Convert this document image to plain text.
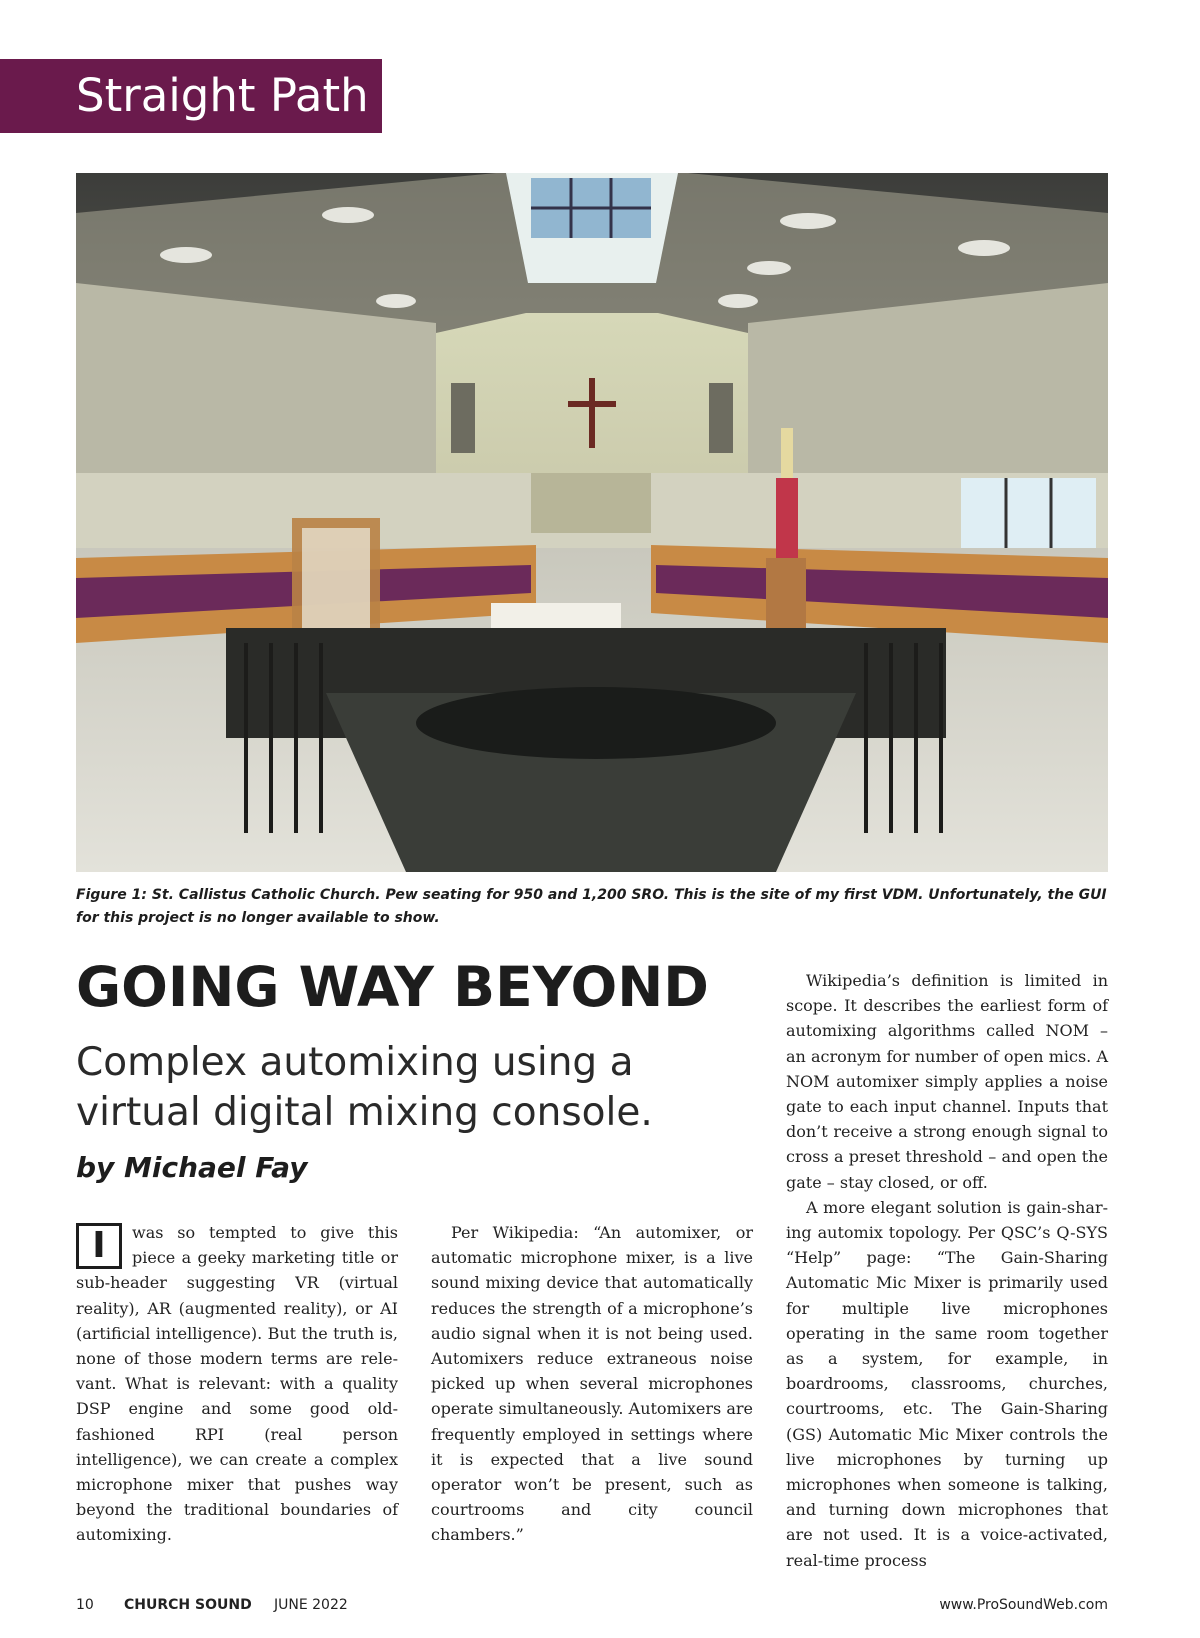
Straight Path
Figure 1: St. Callistus Catholic Church. Pew seating for 950 and 1,200 SRO. This is the site of my first VDM. Unfortunately, the GUI for this project is no longer available to show.
GOING WAY BEYOND
Complex automixing using a virtual digital mixing console.
by Michael Fay
I	was so tempted to give this piece a geeky marketing title or sub-header suggesting VR (virtual reality), AR (augmented reality), or AI (artificial intelligence). But the truth is, none of those modern terms are rele-vant. What is relevant: with a quality DSP engine and some good old-fashioned RPI (real person intelligence), we can create a complex microphone mixer that pushes way beyond the traditional boundaries of automixing.

Per Wikipedia: “An automixer, or automatic microphone mixer, is a live sound mixing device that automatically reduces the strength of a microphone’s audio signal when it is not being used. Automixers reduce extraneous noise picked up when several microphones operate simultaneously. Automixers are frequently employed in settings where it is expected that a live sound operator won’t be present, such as courtrooms and city council chambers.”

Wikipedia’s definition is limited in scope. It describes the earliest form of automixing algorithms called NOM – an acronym for number of open mics. A NOM automixer simply applies a noise gate to each input channel. Inputs that don’t receive a strong enough signal to cross a preset threshold – and open the gate – stay closed, or off.

A more elegant solution is gain-shar-ing automix topology. Per QSC’s Q-SYS “Help” page: “The Gain-Sharing Automatic Mic Mixer is primarily used for multiple live microphones operating in the same room together as a system, for example, in boardrooms, classrooms, churches, courtrooms, etc. The Gain-Sharing (GS) Automatic Mic Mixer controls the live microphones by turning up microphones when someone is talking, and turning down microphones that are not used. It is a voice-activated, real-time process

10 CHURCH SOUND JUNE 2022	www.ProSoundWeb.com
